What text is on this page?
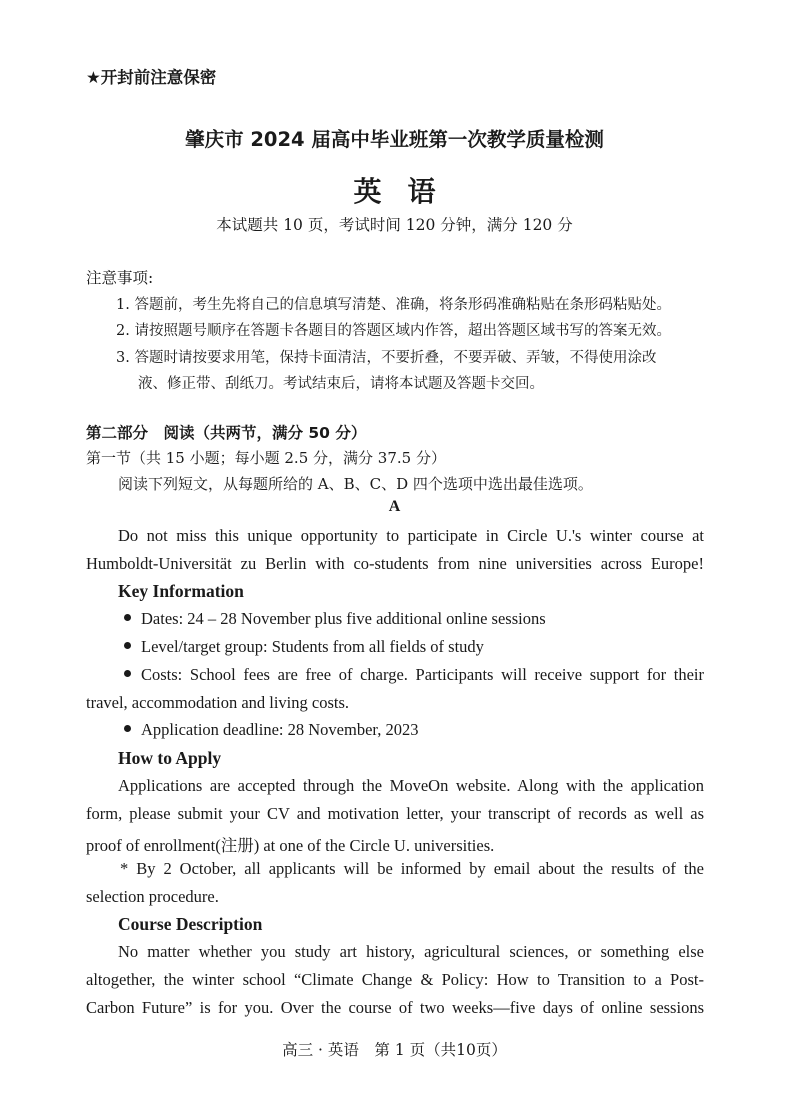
★开封前注意保密
肇庆市 2024 届高中毕业班第一次教学质量检测
英语
本试题共 10 页，考试时间 120 分钟，满分 120 分
注意事项:
1. 答题前，考生先将自己的信息填写清楚、准确，将条形码准确粘贴在条形码粘贴处。
2. 请按照题号顺序在答题卡各题目的答题区域内作答，超出答题区域书写的答案无效。
3. 答题时请按要求用笔，保持卡面清洁，不要折叠，不要弄破、弄皱，不得使用涂改
液、修正带、刮纸刀。考试结束后，请将本试题及答题卡交回。
第二部分　阅读（共两节，满分 50 分）
第一节（共 15 小题；每小题 2.5 分，满分 37.5 分）
阅读下列短文，从每题所给的 A、B、C、D 四个选项中选出最佳选项。
A
Do not miss this unique opportunity to participate in Circle U.'s winter course at
Humboldt-Universität zu Berlin with co-students from nine universities across Europe!
Key Information
Dates: 24 – 28 November plus five additional online sessions
Level/target group: Students from all fields of study
Costs: School fees are free of charge. Participants will receive support for their
travel, accommodation and living costs.
Application deadline: 28 November, 2023
How to Apply
Applications are accepted through the MoveOn website. Along with the application
form, please submit your CV and motivation letter, your transcript of records as well as
proof of enrollment(注册) at one of the Circle U. universities.
* By 2 October, all applicants will be informed by email about the results of the
selection procedure.
Course Description
No matter whether you study art history, agricultural sciences, or something else
altogether, the winter school “Climate Change & Policy: How to Transition to a Post-
Carbon Future” is for you. Over the course of two weeks—five days of online sessions
高三 · 英语　第 1 页（共10页）
